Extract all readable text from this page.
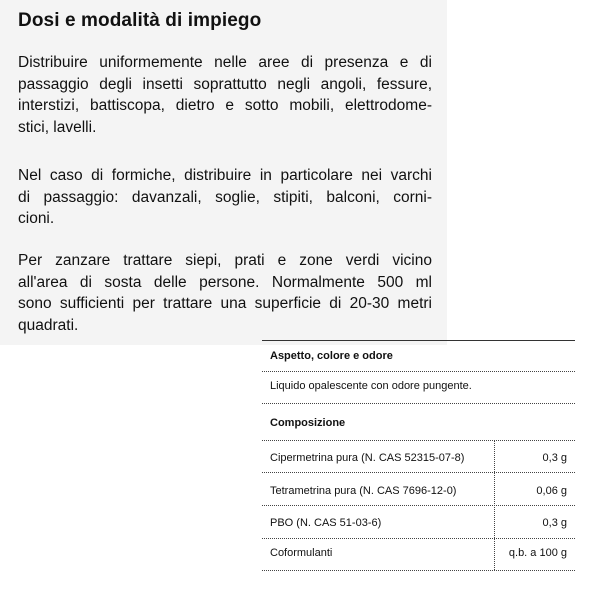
Dosi e modalità di impiego

Distribuire uniformemente nelle aree di presenza e di
passaggio degli insetti soprattutto negli angoli, fessure,
interstizi, battiscopa, dietro e sotto mobili, elettrodome-
stici, lavelli.

Nel caso di formiche, distribuire in particolare nei varchi
di passaggio: davanzali, soglie, stipiti, balconi, corni-
cioni.

Per zanzare trattare siepi, prati e zone verdi vicino
all'area di sosta delle persone. Normalmente 500 ml
sono sufficienti per trattare una superficie di 20-30 metri
quadrati.

Aspetto, colore e odore
Liquido opalescente con odore pungente.
Composizione
Cipermetrina pura (N. CAS 52315-07-8)	0,3 g
Tetrametrina pura (N. CAS 7696-12-0)	0,06 g
PBO (N. CAS 51-03-6)	0,3 g
Coformulanti	q.b. a 100 g
